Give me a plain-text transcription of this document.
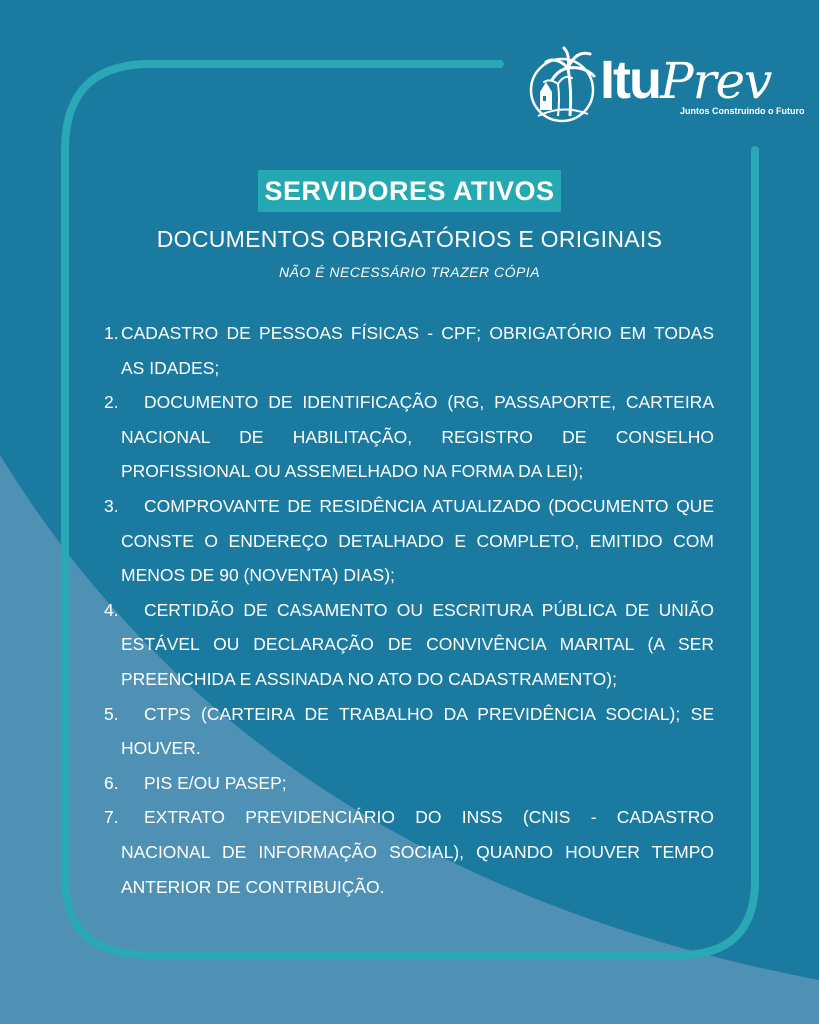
ItuPrev
Juntos Construindo o Futuro
SERVIDORES ATIVOS
DOCUMENTOS OBRIGATÓRIOS E ORIGINAIS
NÃO É NECESSÁRIO TRAZER CÓPIA
1. CADASTRO DE PESSOAS FÍSICAS - CPF; OBRIGATÓRIO EM TODAS AS IDADES;
2. DOCUMENTO DE IDENTIFICAÇÃO (RG, PASSAPORTE, CARTEIRA NACIONAL DE HABILITAÇÃO, REGISTRO DE CONSELHO PROFISSIONAL OU ASSEMELHADO NA FORMA DA LEI);
3. COMPROVANTE DE RESIDÊNCIA ATUALIZADO (DOCUMENTO QUE CONSTE O ENDEREÇO DETALHADO E COMPLETO, EMITIDO COM MENOS DE 90 (NOVENTA) DIAS);
4. CERTIDÃO DE CASAMENTO OU ESCRITURA PÚBLICA DE UNIÃO ESTÁVEL OU DECLARAÇÃO DE CONVIVÊNCIA MARITAL (A SER PREENCHIDA E ASSINADA NO ATO DO CADASTRAMENTO);
5. CTPS (CARTEIRA DE TRABALHO DA PREVIDÊNCIA SOCIAL); SE HOUVER.
6. PIS E/OU PASEP;
7. EXTRATO PREVIDENCIÁRIO DO INSS (CNIS - CADASTRO NACIONAL DE INFORMAÇÃO SOCIAL), QUANDO HOUVER TEMPO ANTERIOR DE CONTRIBUIÇÃO.
